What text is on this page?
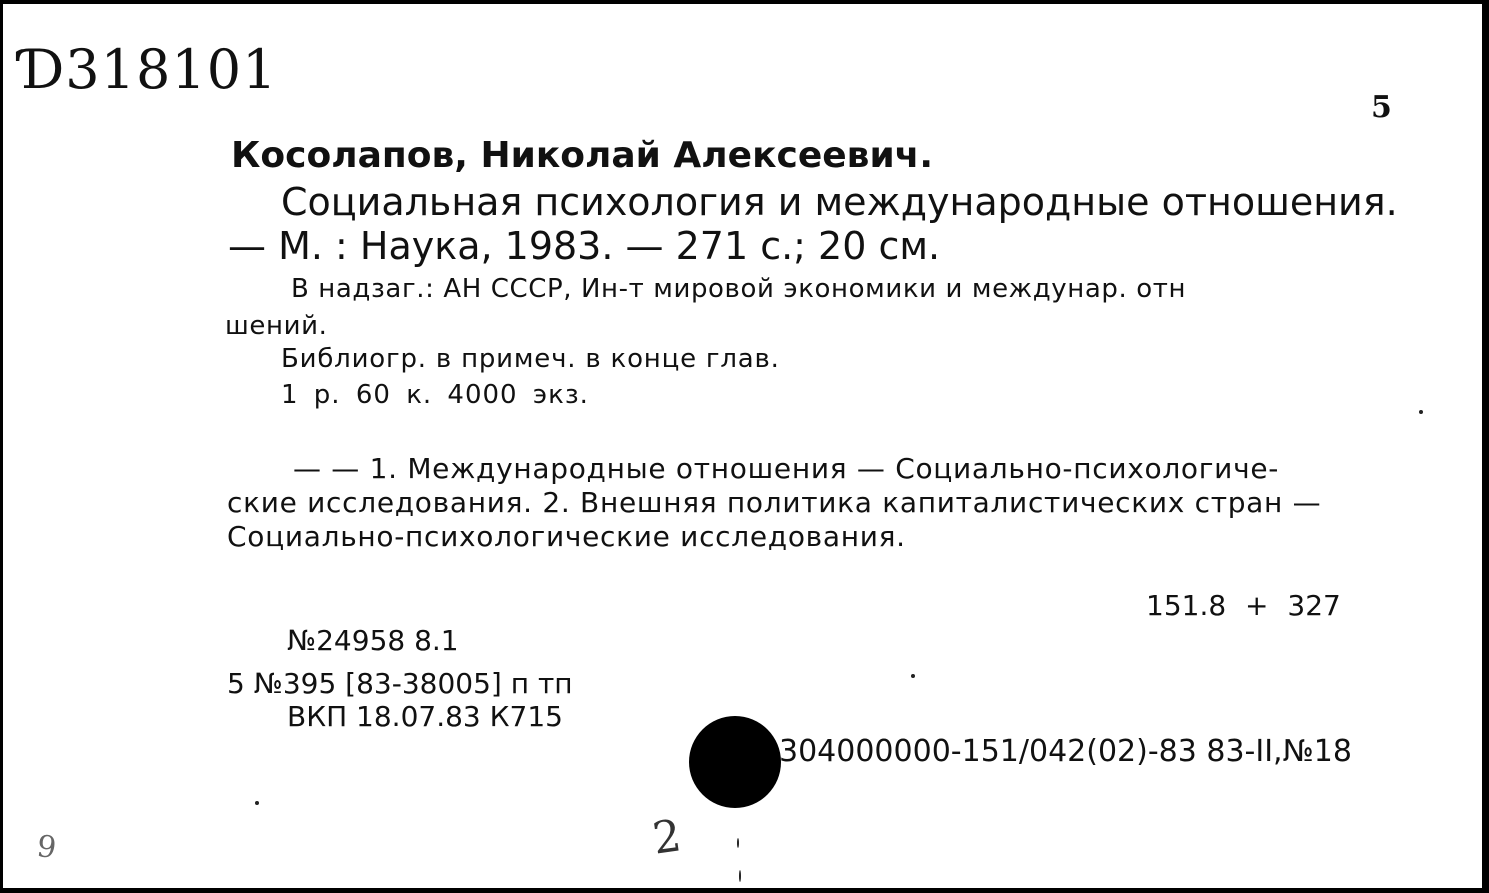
Ɗ318101
5
Косолапов, Николай Алексеевич.
Социальная психология и международные отношения.
— М. : Наука, 1983. — 271 с.; 20 см.
В надзаг.: АН СССР, Ин-т мировой экономики и междунар. отн
шений.
Библиогр. в примеч. в конце глав.
1 р. 60 к. 4000 экз.
— — 1. Международные отношения — Социально-психологиче-
ские исследования. 2. Внешняя политика капиталистических стран —
Социально-психологические исследования.
151.8 + 327
№24958 8.1
5 №395 [83-38005] п тп
ВКП 18.07.83 К715
304000000-151/042(02)-83 83-II,№18
2
9
